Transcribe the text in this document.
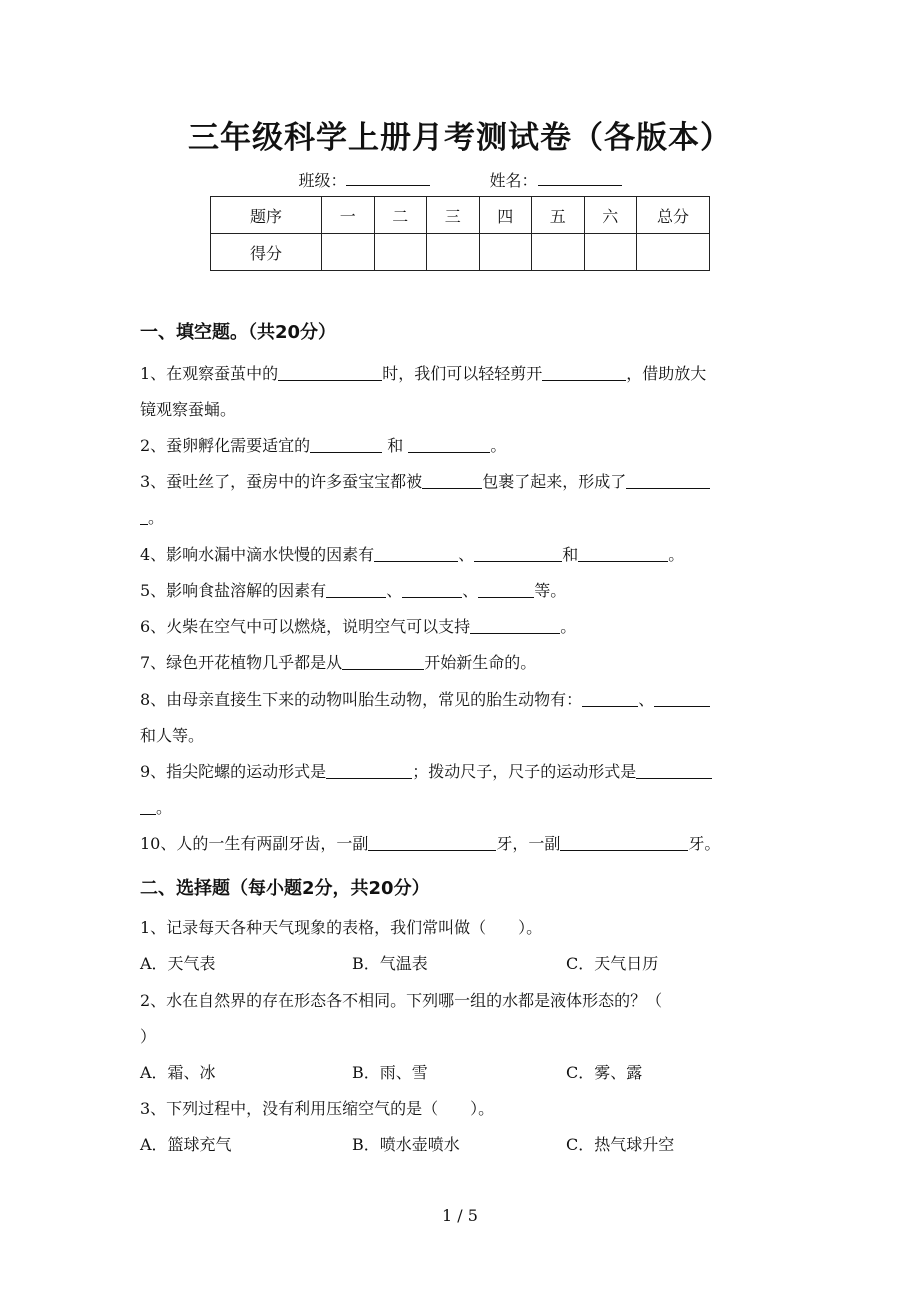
三年级科学上册月考测试卷（各版本）
班级：	姓名：
题序	一	二	三	四	五	六	总分
得分							
一、填空题。（共20分）
1、在观察蚕茧中的	时，我们可以轻轻剪开	，借助放大
镜观察蚕蛹。
2、蚕卵孵化需要适宜的	和	。
3、蚕吐丝了，蚕房中的许多蚕宝宝都被	包裹了起来，形成了
。
4、影响水漏中滴水快慢的因素有	、	和	。
5、影响食盐溶解的因素有	、	、	等。
6、火柴在空气中可以燃烧，说明空气可以支持	。
7、绿色开花植物几乎都是从	开始新生命的。
8、由母亲直接生下来的动物叫胎生动物，常见的胎生动物有：	、
和人等。
9、指尖陀螺的运动形式是	；拨动尺子，尺子的运动形式是
。
10、人的一生有两副牙齿，一副	牙，一副	牙。
二、选择题（每小题2分，共20分）
1、记录每天各种天气现象的表格，我们常叫做（　　）。
A．天气表	B．气温表	C．天气日历
2、水在自然界的存在形态各不相同。下列哪一组的水都是液体形态的？（
）
A．霜、冰	B．雨、雪	C．雾、露
3、下列过程中，没有利用压缩空气的是（　　）。
A．篮球充气	B．喷水壶喷水	C．热气球升空
1 / 5
